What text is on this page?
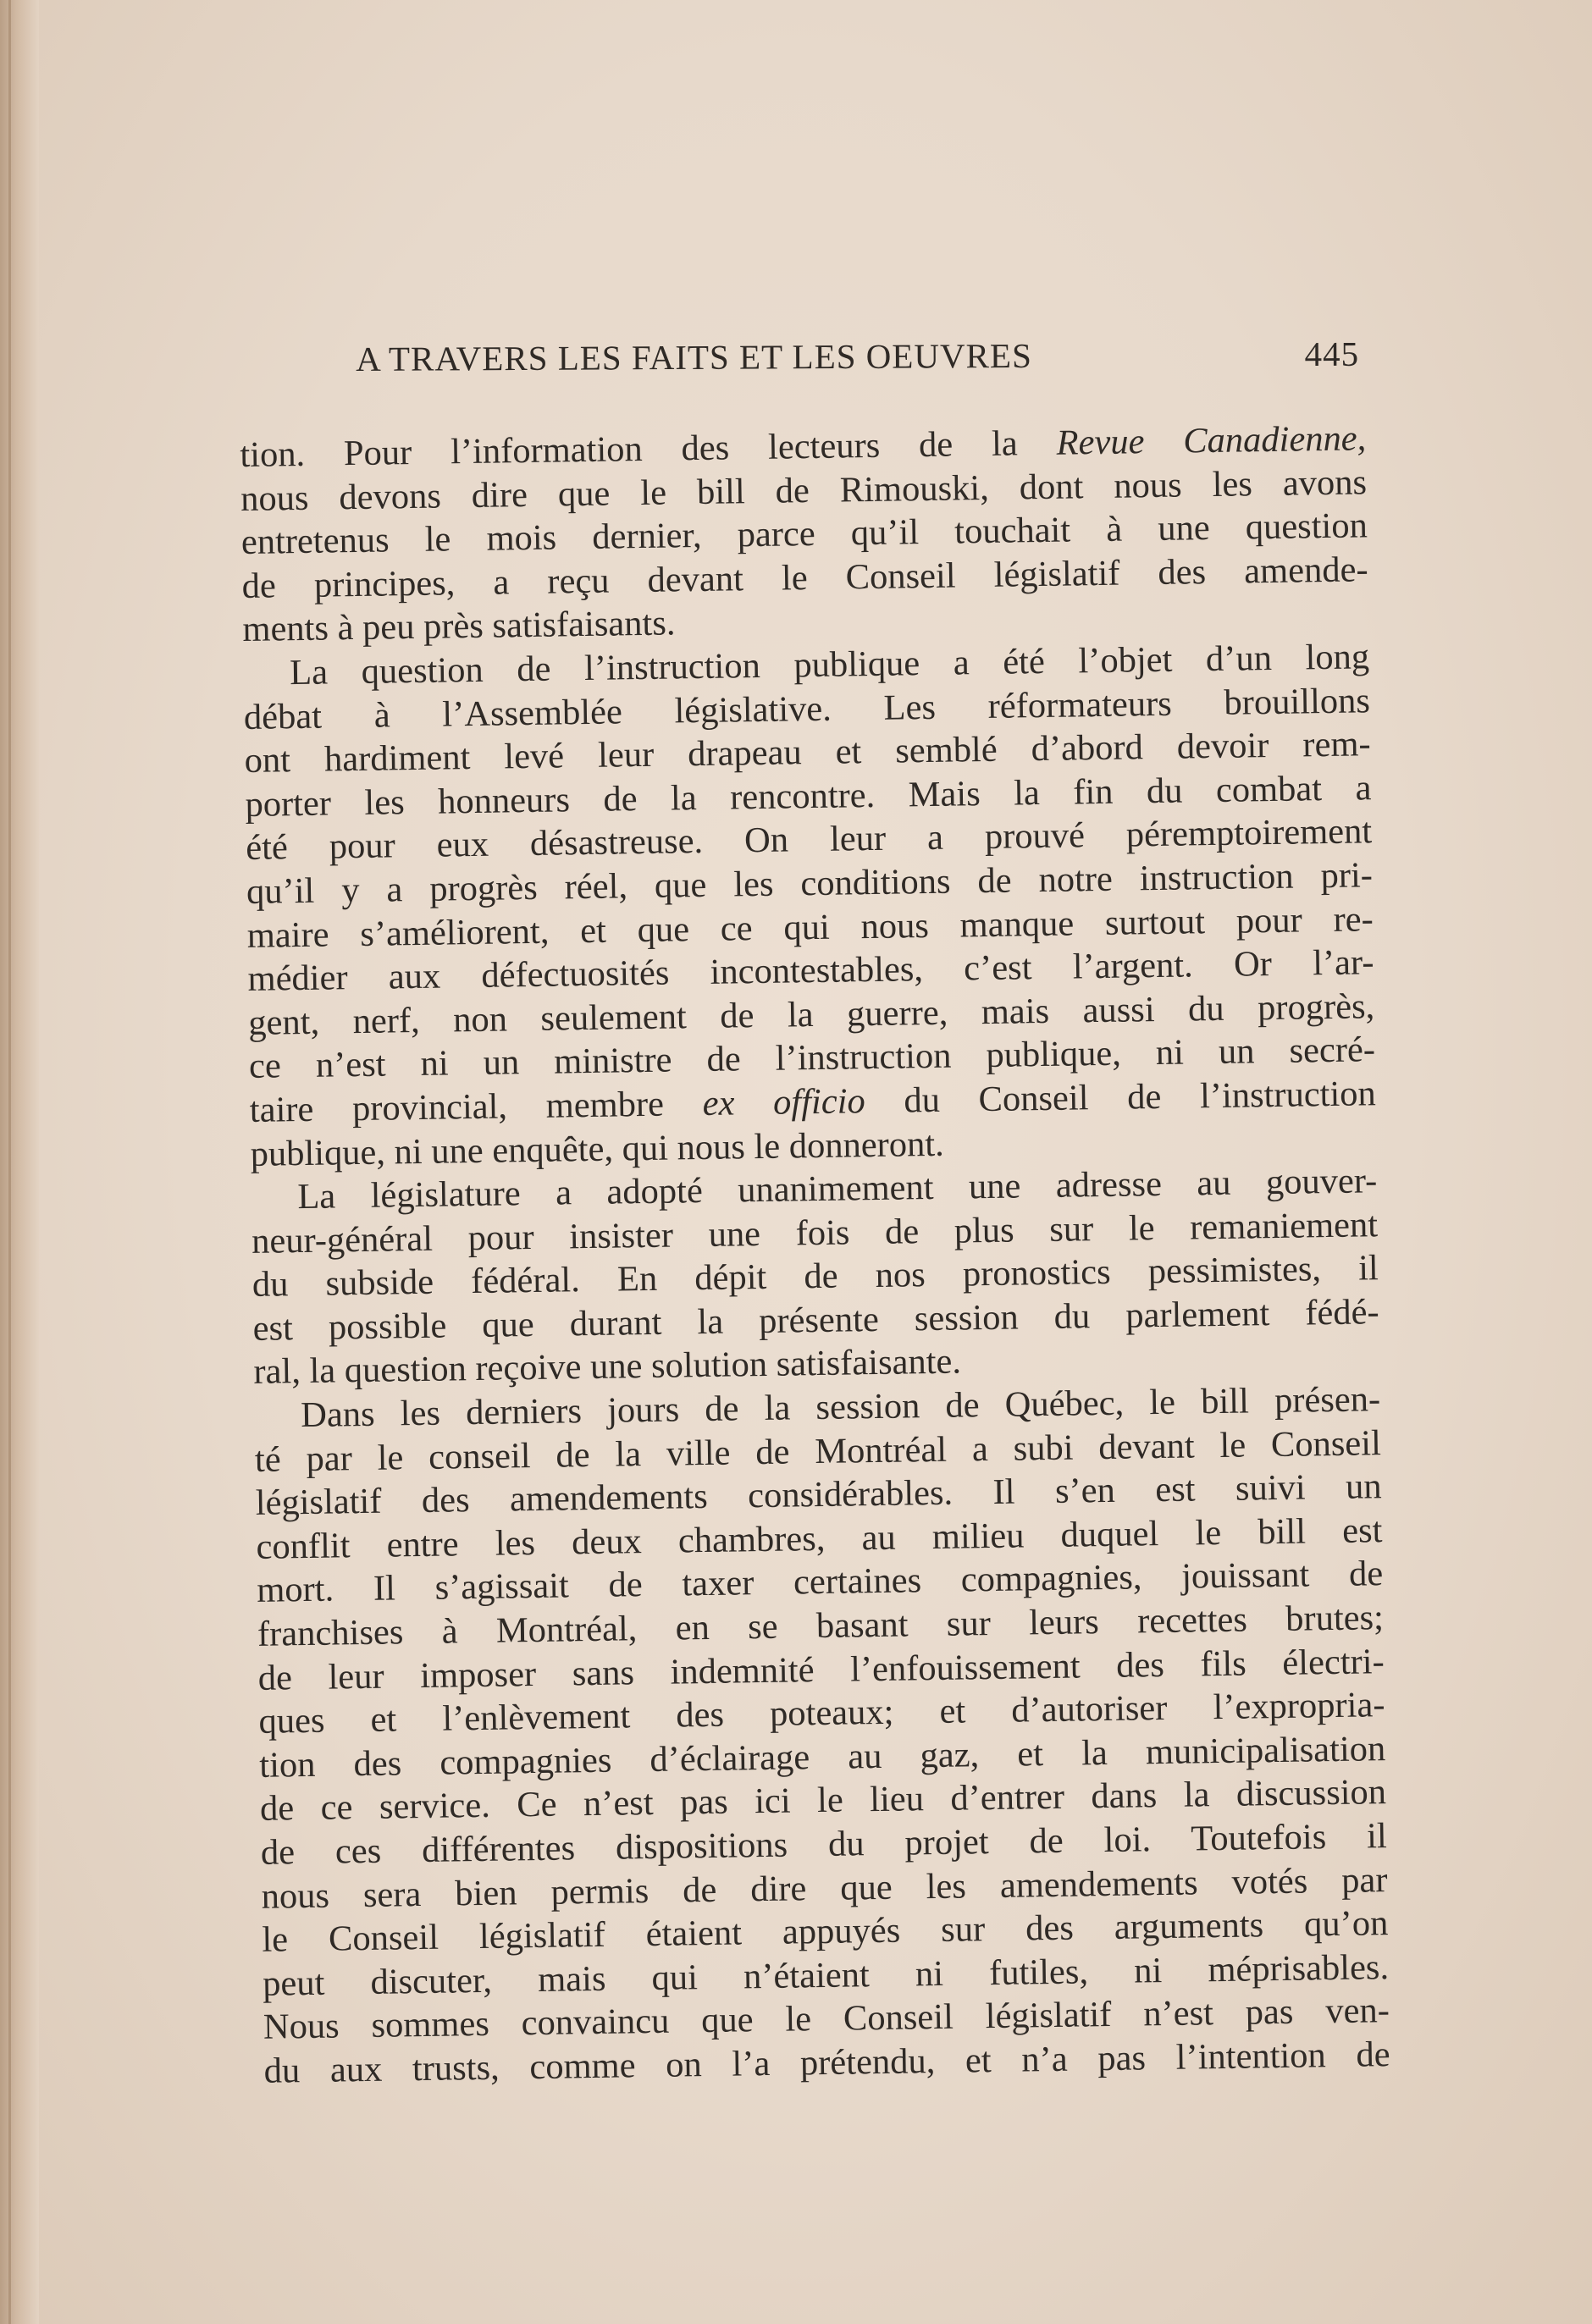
A TRAVERS LES FAITS ET LES OEUVRES	445
tion. Pour l’information des lecteurs de la Revue Canadienne,
nous devons dire que le bill de Rimouski, dont nous les avons
entretenus le mois dernier, parce qu’il touchait à une question
de principes, a reçu devant le Conseil législatif des amende-
ments à peu près satisfaisants.
La question de l’instruction publique a été l’objet d’un long
débat à l’Assemblée législative. Les réformateurs brouillons
ont hardiment levé leur drapeau et semblé d’abord devoir rem-
porter les honneurs de la rencontre. Mais la fin du combat a
été pour eux désastreuse. On leur a prouvé péremptoirement
qu’il y a progrès réel, que les conditions de notre instruction pri-
maire s’améliorent, et que ce qui nous manque surtout pour re-
médier aux défectuosités incontestables, c’est l’argent. Or l’ar-
gent, nerf, non seulement de la guerre, mais aussi du progrès,
ce n’est ni un ministre de l’instruction publique, ni un secré-
taire provincial, membre ex officio du Conseil de l’instruction
publique, ni une enquête, qui nous le donneront.
La législature a adopté unanimement une adresse au gouver-
neur-général pour insister une fois de plus sur le remaniement
du subside fédéral. En dépit de nos pronostics pessimistes, il
est possible que durant la présente session du parlement fédé-
ral, la question reçoive une solution satisfaisante.
Dans les derniers jours de la session de Québec, le bill présen-
té par le conseil de la ville de Montréal a subi devant le Conseil
législatif des amendements considérables. Il s’en est suivi un
conflit entre les deux chambres, au milieu duquel le bill est
mort. Il s’agissait de taxer certaines compagnies, jouissant de
franchises à Montréal, en se basant sur leurs recettes brutes;
de leur imposer sans indemnité l’enfouissement des fils électri-
ques et l’enlèvement des poteaux; et d’autoriser l’expropria-
tion des compagnies d’éclairage au gaz, et la municipalisation
de ce service. Ce n’est pas ici le lieu d’entrer dans la discussion
de ces différentes dispositions du projet de loi. Toutefois il
nous sera bien permis de dire que les amendements votés par
le Conseil législatif étaient appuyés sur des arguments qu’on
peut discuter, mais qui n’étaient ni futiles, ni méprisables.
Nous sommes convaincu que le Conseil législatif n’est pas ven-
du aux trusts, comme on l’a prétendu, et n’a pas l’intention de
